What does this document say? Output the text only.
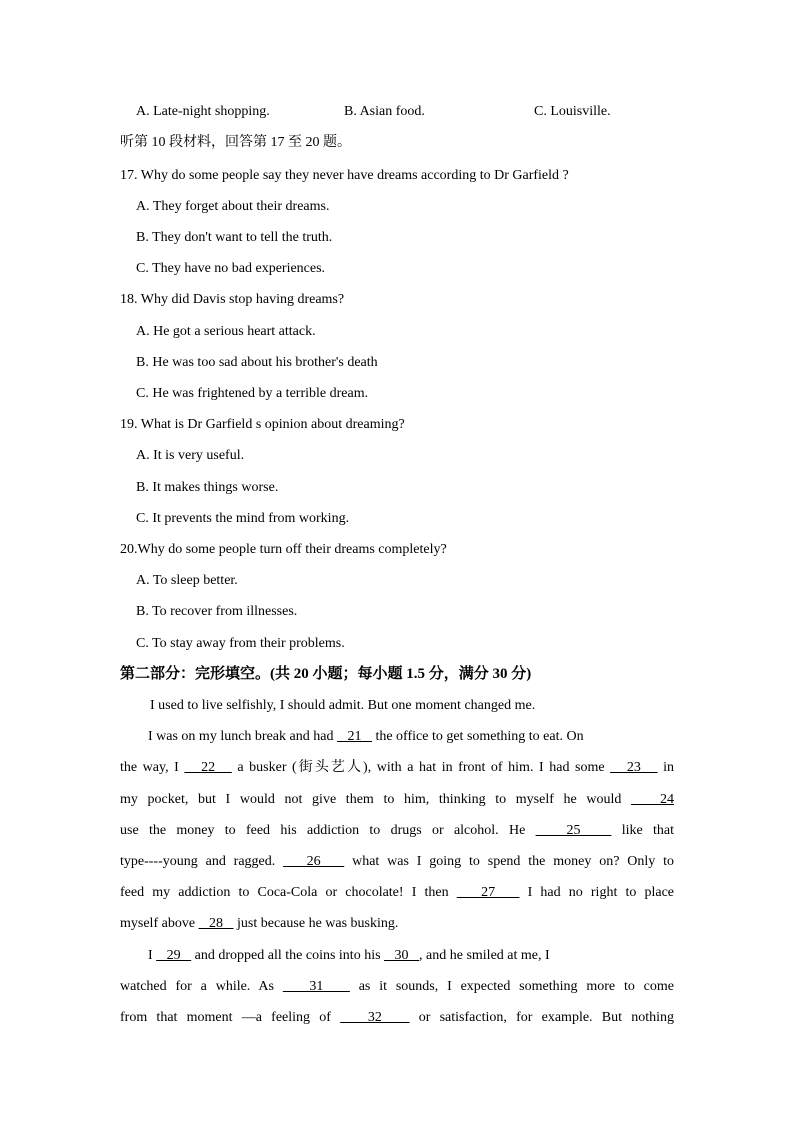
A. Late-night shopping.	B. Asian food.	C. Louisville.
听第 10 段材料，回答第 17 至 20 题。
17. Why do some people say they never have dreams according to Dr Garfield ?
A. They forget about their dreams.
B. They don't want to tell the truth.
C. They have no bad experiences.
18. Why did Davis stop having dreams?
A. He got a serious heart attack.
B. He was too sad about his brother's death
C. He was frightened by a terrible dream.
19. What is Dr Garfield s opinion about dreaming?
A. It is very useful.
B. It makes things worse.
C. It prevents the mind from working.
20.Why do some people turn off their dreams completely?
A. To sleep better.
B. To recover from illnesses.
C. To stay away from their problems.
第二部分：完形填空。(共 20 小题；每小题 1.5 分，满分 30 分)
I used to live selfishly, I should admit. But one moment changed me.
I was on my lunch break and had    21    the office to get something to eat. On
the way, I    22    a busker (街头艺人), with a hat in front of him. I had some    23    in
my pocket, but I would not give them to him, thinking to myself he would    24
use the money to feed his addiction to drugs or alcohol. He    25    like that
type----young and ragged.    26    what was I going to spend the money on? Only to
feed my addiction to Coca-Cola or chocolate! I then    27    I had no right to place
myself above    28    just because he was busking.
I    29    and dropped all the coins into his    30   , and he smiled at me, I
watched for a while. As    31    as it sounds, I expected something more to come
from that moment —a feeling of    32    or satisfaction, for example. But nothing
